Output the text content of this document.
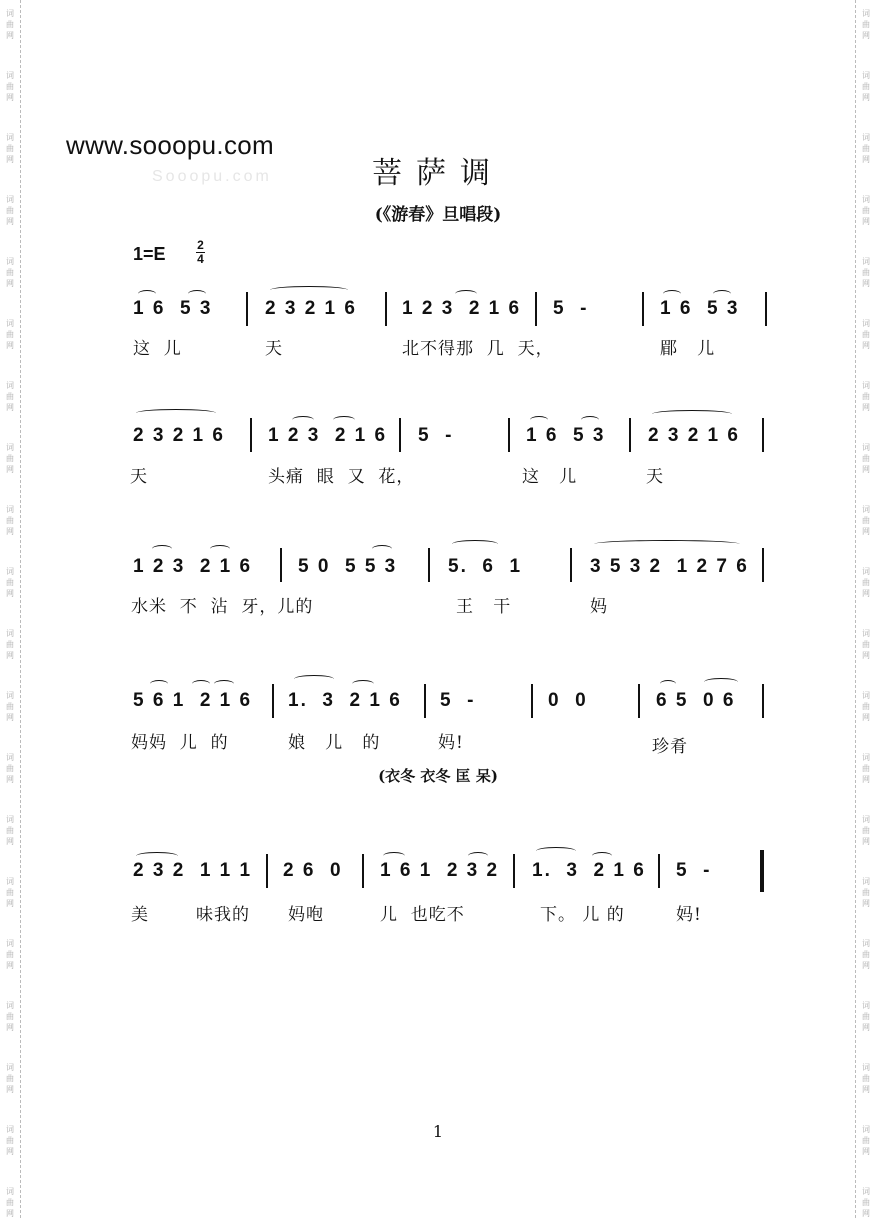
Sooopu.com
www.sooopu.com
菩萨调
(《游春》旦唱段)
1=E	2
4
1 6  5 3	2 3 2 1 6 1 2 3  2 1 6 5  -	1 6  5 3
这  儿	天	北不得那  几  天，	郿   儿
2 3 2 1 6 1 2 3  2 1 6 5  -	1 6  5 3 2 3 2 1 6
天	头痛  眼  又  花，	这   儿	天
1 2 3  2 1 6 5 0  5 5 3	5.  6  1	3 5 3 2  1 2 7 6
水米  不  沾  牙，儿的	王   干	妈
5 6 1  2 1 6 1.  3  2 1 6 5  -	0  0	6 5  0 6
妈妈  儿  的	娘   儿   的	妈!	珍肴
(衣冬 衣冬 匡 呆)
2 3 2  1 1 1 2 6  0 1 6 1  2 3 2 1.  3  2 1 6 5  -
美	味我的 妈咆	儿  也吃不	下。 儿 的	妈!
1
词
曲
网
词
曲
网
词
曲
网
词
曲
网
词
曲
网
词
曲
网
词
曲
网
词
曲
网
词
曲
网
词
曲
网
词
曲
网
词
曲
网
词
曲
网
词
曲
网
词
曲
网
词
曲
网
词
曲
网
词
曲
网
词
曲
网
词
曲
网
词
曲
网
词
曲
网
词
曲
网
词
曲
网
词
曲
网
词
曲
网
词
曲
网
词
曲
网
词
曲
网
词
曲
网
词
曲
网
词
曲
网
词
曲
网
词
曲
网
词
曲
网
词
曲
网
词
曲
网
词
曲
网
词
曲
网
词
曲
网
